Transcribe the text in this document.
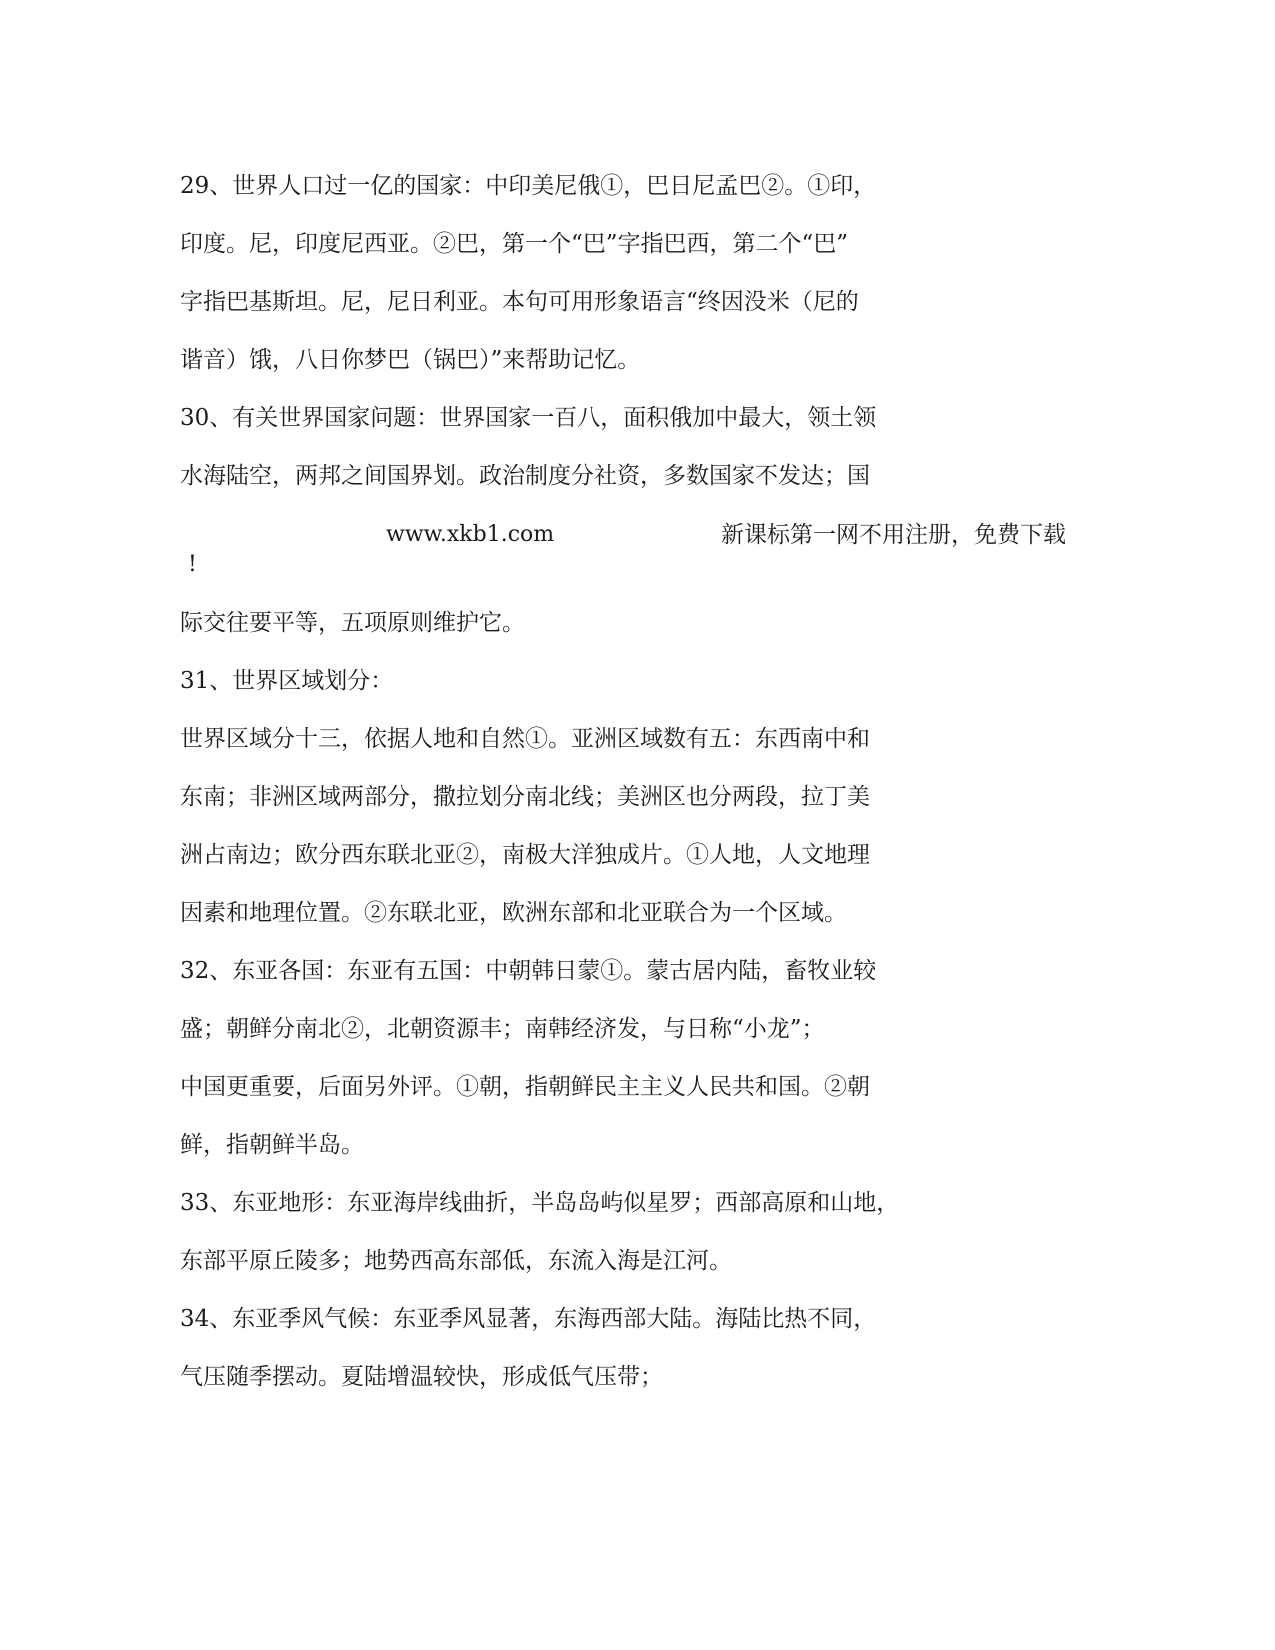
29、世界人口过一亿的国家：中印美尼俄①，巴日尼孟巴②。①印，
印度。尼，印度尼西亚。②巴，第一个“巴”字指巴西，第二个“巴”
字指巴基斯坦。尼，尼日利亚。本句可用形象语言“终因没米（尼的
谐音）饿，八日你梦巴（锅巴）”来帮助记忆。
30、有关世界国家问题：世界国家一百八，面积俄加中最大，领土领
水海陆空，两邦之间国界划。政治制度分社资，多数国家不发达；国
www.xkb1.com	新课标第一网不用注册，免费下载
!
际交往要平等，五项原则维护它。
31、世界区域划分：
世界区域分十三，依据人地和自然①。亚洲区域数有五：东西南中和
东南；非洲区域两部分，撒拉划分南北线；美洲区也分两段，拉丁美
洲占南边；欧分西东联北亚②，南极大洋独成片。①人地，人文地理
因素和地理位置。②东联北亚，欧洲东部和北亚联合为一个区域。
32、东亚各国：东亚有五国：中朝韩日蒙①。蒙古居内陆，畜牧业较
盛；朝鲜分南北②，北朝资源丰；南韩经济发，与日称“小龙”；
中国更重要，后面另外评。①朝，指朝鲜民主主义人民共和国。②朝
鲜，指朝鲜半岛。
33、东亚地形：东亚海岸线曲折，半岛岛屿似星罗；西部高原和山地，
东部平原丘陵多；地势西高东部低，东流入海是江河。
34、东亚季风气候：东亚季风显著，东海西部大陆。海陆比热不同，
气压随季摆动。夏陆增温较快，形成低气压带；
